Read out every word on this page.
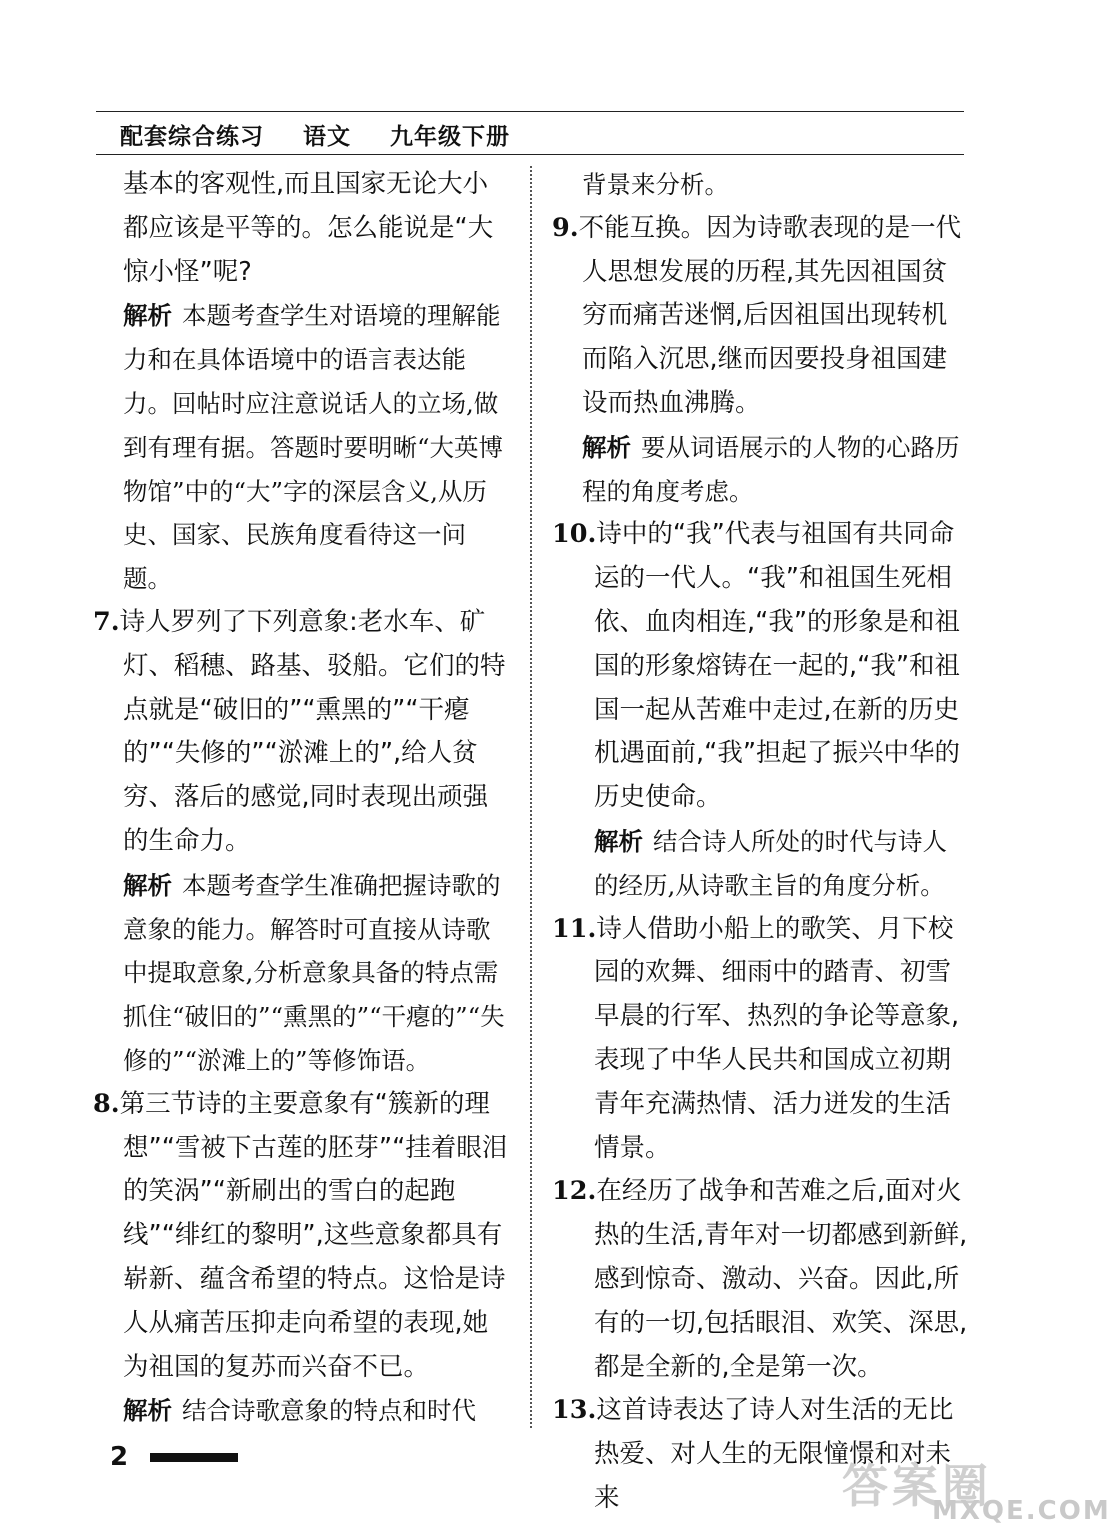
配套综合练习 语文 九年级下册

基本的客观性,而且国家无论大小都应该是平等的。怎么能说是“大惊小怪”呢?

解析 本题考查学生对语境的理解能力和在具体语境中的语言表达能力。回帖时应注意说话人的立场,做到有理有据。答题时要明晰“大英博物馆”中的“大”字的深层含义,从历史、国家、民族角度看待这一问题。

7.诗人罗列了下列意象:老水车、矿灯、稻穗、路基、驳船。它们的特点就是“破旧的”“熏黑的”“干瘪的”“失修的”“淤滩上的”,给人贫穷、落后的感觉,同时表现出顽强的生命力。

解析 本题考查学生准确把握诗歌的意象的能力。解答时可直接从诗歌中提取意象,分析意象具备的特点需抓住“破旧的”“熏黑的”“干瘪的”“失修的”“淤滩上的”等修饰语。

8.第三节诗的主要意象有“簇新的理想”“雪被下古莲的胚芽”“挂着眼泪的笑涡”“新刷出的雪白的起跑线”“绯红的黎明”,这些意象都具有崭新、蕴含希望的特点。这恰是诗人从痛苦压抑走向希望的表现,她为祖国的复苏而兴奋不已。

解析 结合诗歌意象的特点和时代

背景来分析。

9.不能互换。因为诗歌表现的是一代人思想发展的历程,其先因祖国贫穷而痛苦迷惘,后因祖国出现转机而陷入沉思,继而因要投身祖国建设而热血沸腾。

解析 要从词语展示的人物的心路历程的角度考虑。

10.诗中的“我”代表与祖国有共同命运的一代人。“我”和祖国生死相依、血肉相连,“我”的形象是和祖国的形象熔铸在一起的,“我”和祖国一起从苦难中走过,在新的历史机遇面前,“我”担起了振兴中华的历史使命。

解析 结合诗人所处的时代与诗人的经历,从诗歌主旨的角度分析。

11.诗人借助小船上的歌笑、月下校园的欢舞、细雨中的踏青、初雪早晨的行军、热烈的争论等意象,表现了中华人民共和国成立初期青年充满热情、活力迸发的生活情景。

12.在经历了战争和苦难之后,面对火热的生活,青年对一切都感到新鲜,感到惊奇、激动、兴奋。因此,所有的一切,包括眼泪、欢笑、深思,都是全新的,全是第一次。

13.这首诗表达了诗人对生活的无比热爱、对人生的无限憧憬和对未来

2
答案圈
MXQE.COM
